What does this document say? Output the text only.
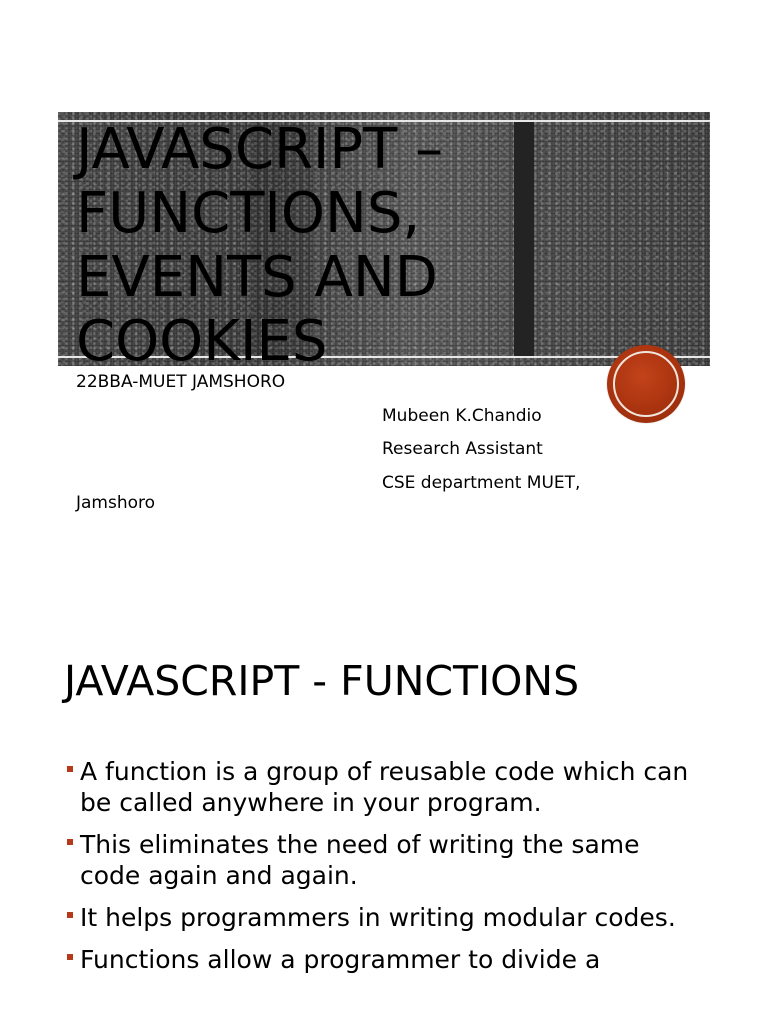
JAVASCRIPT – FUNCTIONS, EVENTS AND COOKIES

22BBA-MUET JAMSHORO

Mubeen K.Chandio

Research Assistant

CSE department MUET,

Jamshoro

JAVASCRIPT - FUNCTIONS
A function is a group of reusable code which can be called anywhere in your program.
This eliminates the need of writing the same code again and again.
It helps programmers in writing modular codes.
Functions allow a programmer to divide a
